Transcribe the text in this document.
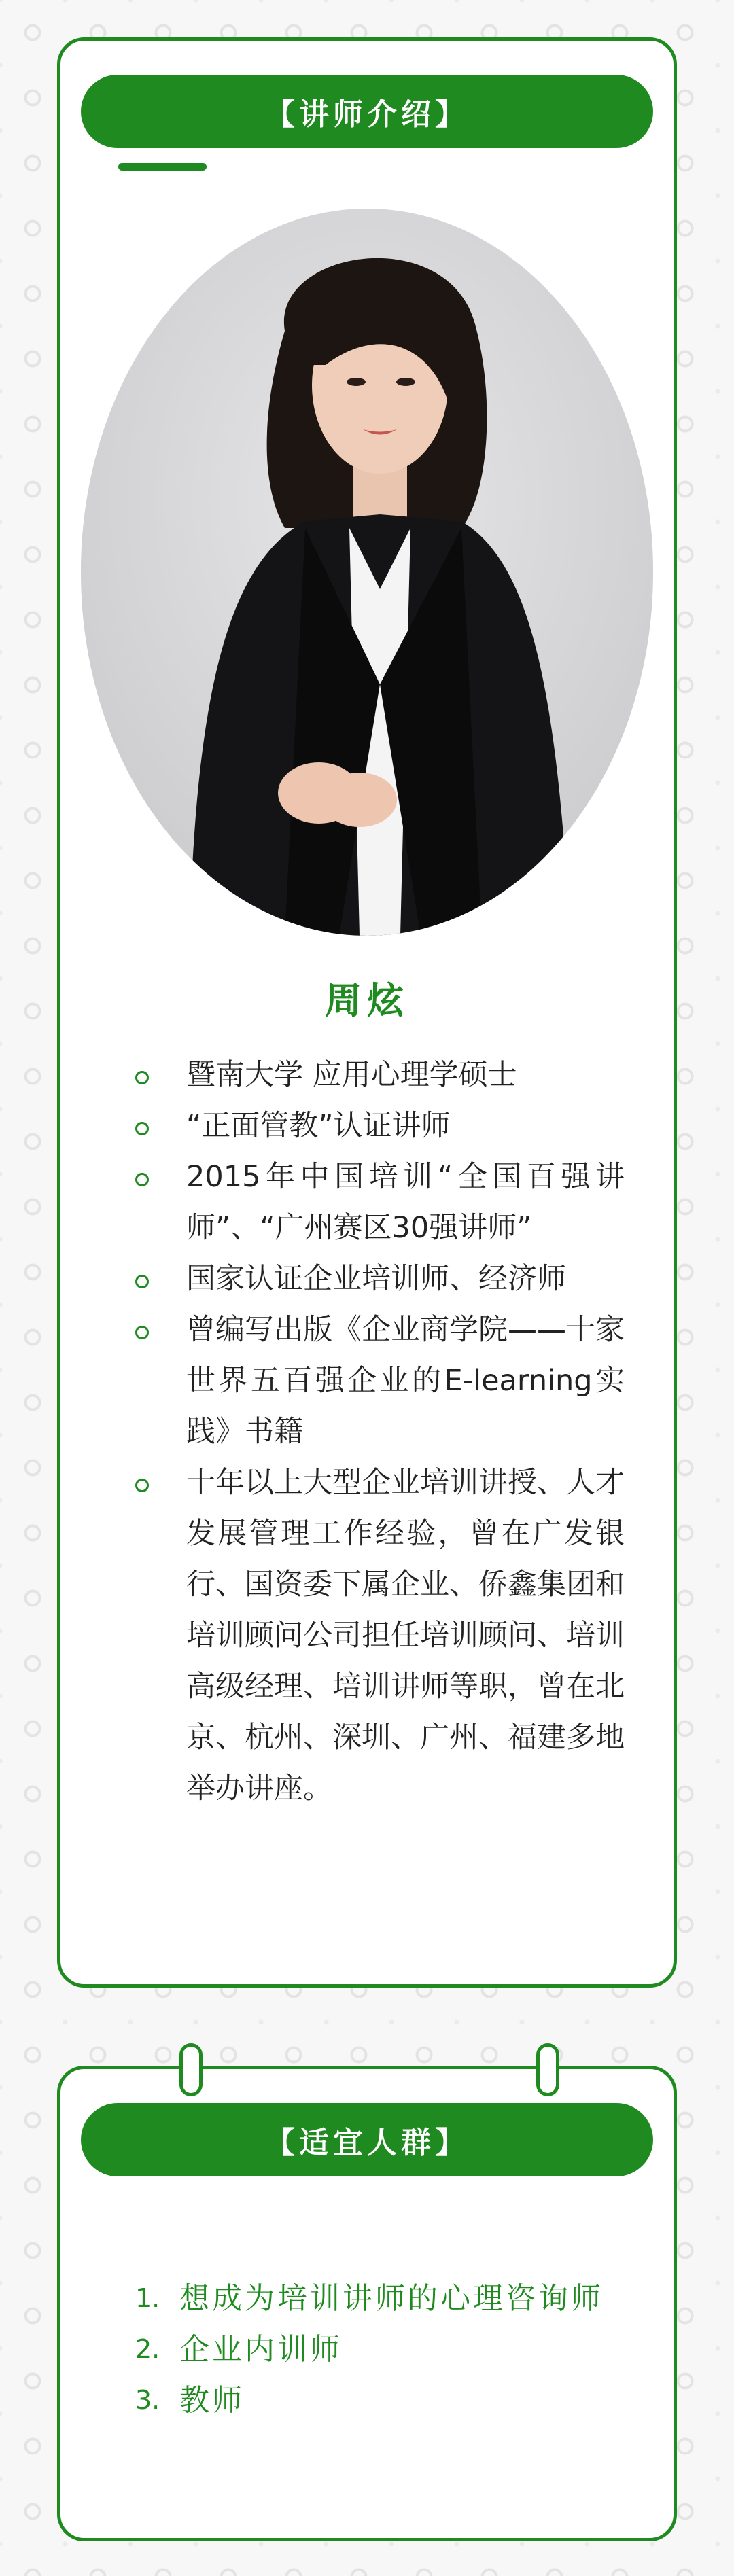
【讲师介绍】
周炫
暨南大学 应用心理学硕士
“正面管教”认证讲师
2015年中国培训“全国百强讲师”、“广州赛区30强讲师”
国家认证企业培训师、经济师
曾编写出版《企业商学院——十家世界五百强企业的E-learning实践》书籍
十年以上大型企业培训讲授、人才发展管理工作经验，曾在广发银行、国资委下属企业、侨鑫集团和培训顾问公司担任培训顾问、培训高级经理、培训讲师等职，曾在北京、杭州、深圳、广州、福建多地举办讲座。
【适宜人群】
1. 想成为培训讲师的心理咨询师
2. 企业内训师
3. 教师
